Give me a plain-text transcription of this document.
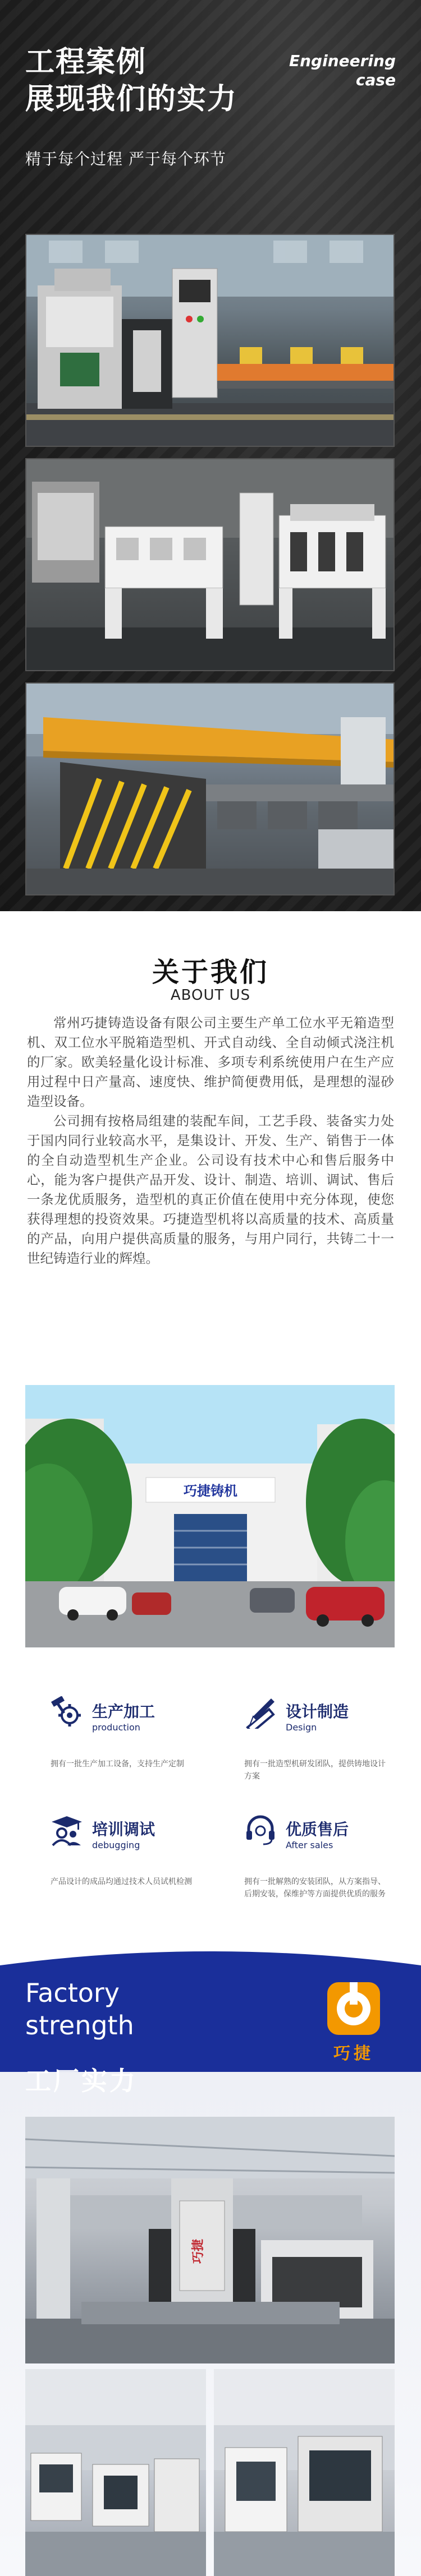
工程案例
展现我们的实力
Engineering
case
精于每个过程 严于每个环节
关于我们
ABOUT US

常州巧捷铸造设备有限公司主要生产单工位水平无箱造型机、双工位水平脱箱造型机、开式自动线、全自动倾式浇注机的厂家。欧美轻量化设计标准、多项专利系统使用户在生产应用过程中日产量高、速度快、维护简便费用低，是理想的湿砂造型设备。

公司拥有按格局组建的装配车间，工艺手段、装备实力处于国内同行业较高水平，是集设计、开发、生产、销售于一体的全自动造型机生产企业。公司设有技术中心和售后服务中心，能为客户提供产品开发、设计、制造、培训、调试、售后一条龙优质服务，造型机的真正价值在使用中充分体现，使您获得理想的投资效果。巧捷造型机将以高质量的技术、高质量的产品，向用户提供高质量的服务，与用户同行，共铸二十一世纪铸造行业的辉煌。

巧捷铸机
生产加工
production
拥有一批生产加工设备，支持生产定制
设计制造
Design
拥有一批造型机研发团队，提供铸地设计方案
培训调试
debugging
产品设计的成品均通过技术人员试机检测
优质售后
After sales
拥有一批解熟的安装团队，从方案指导、后期安装，保维护等方面提供优质的服务
Factory
strength
工厂实力
巧捷
巧捷
